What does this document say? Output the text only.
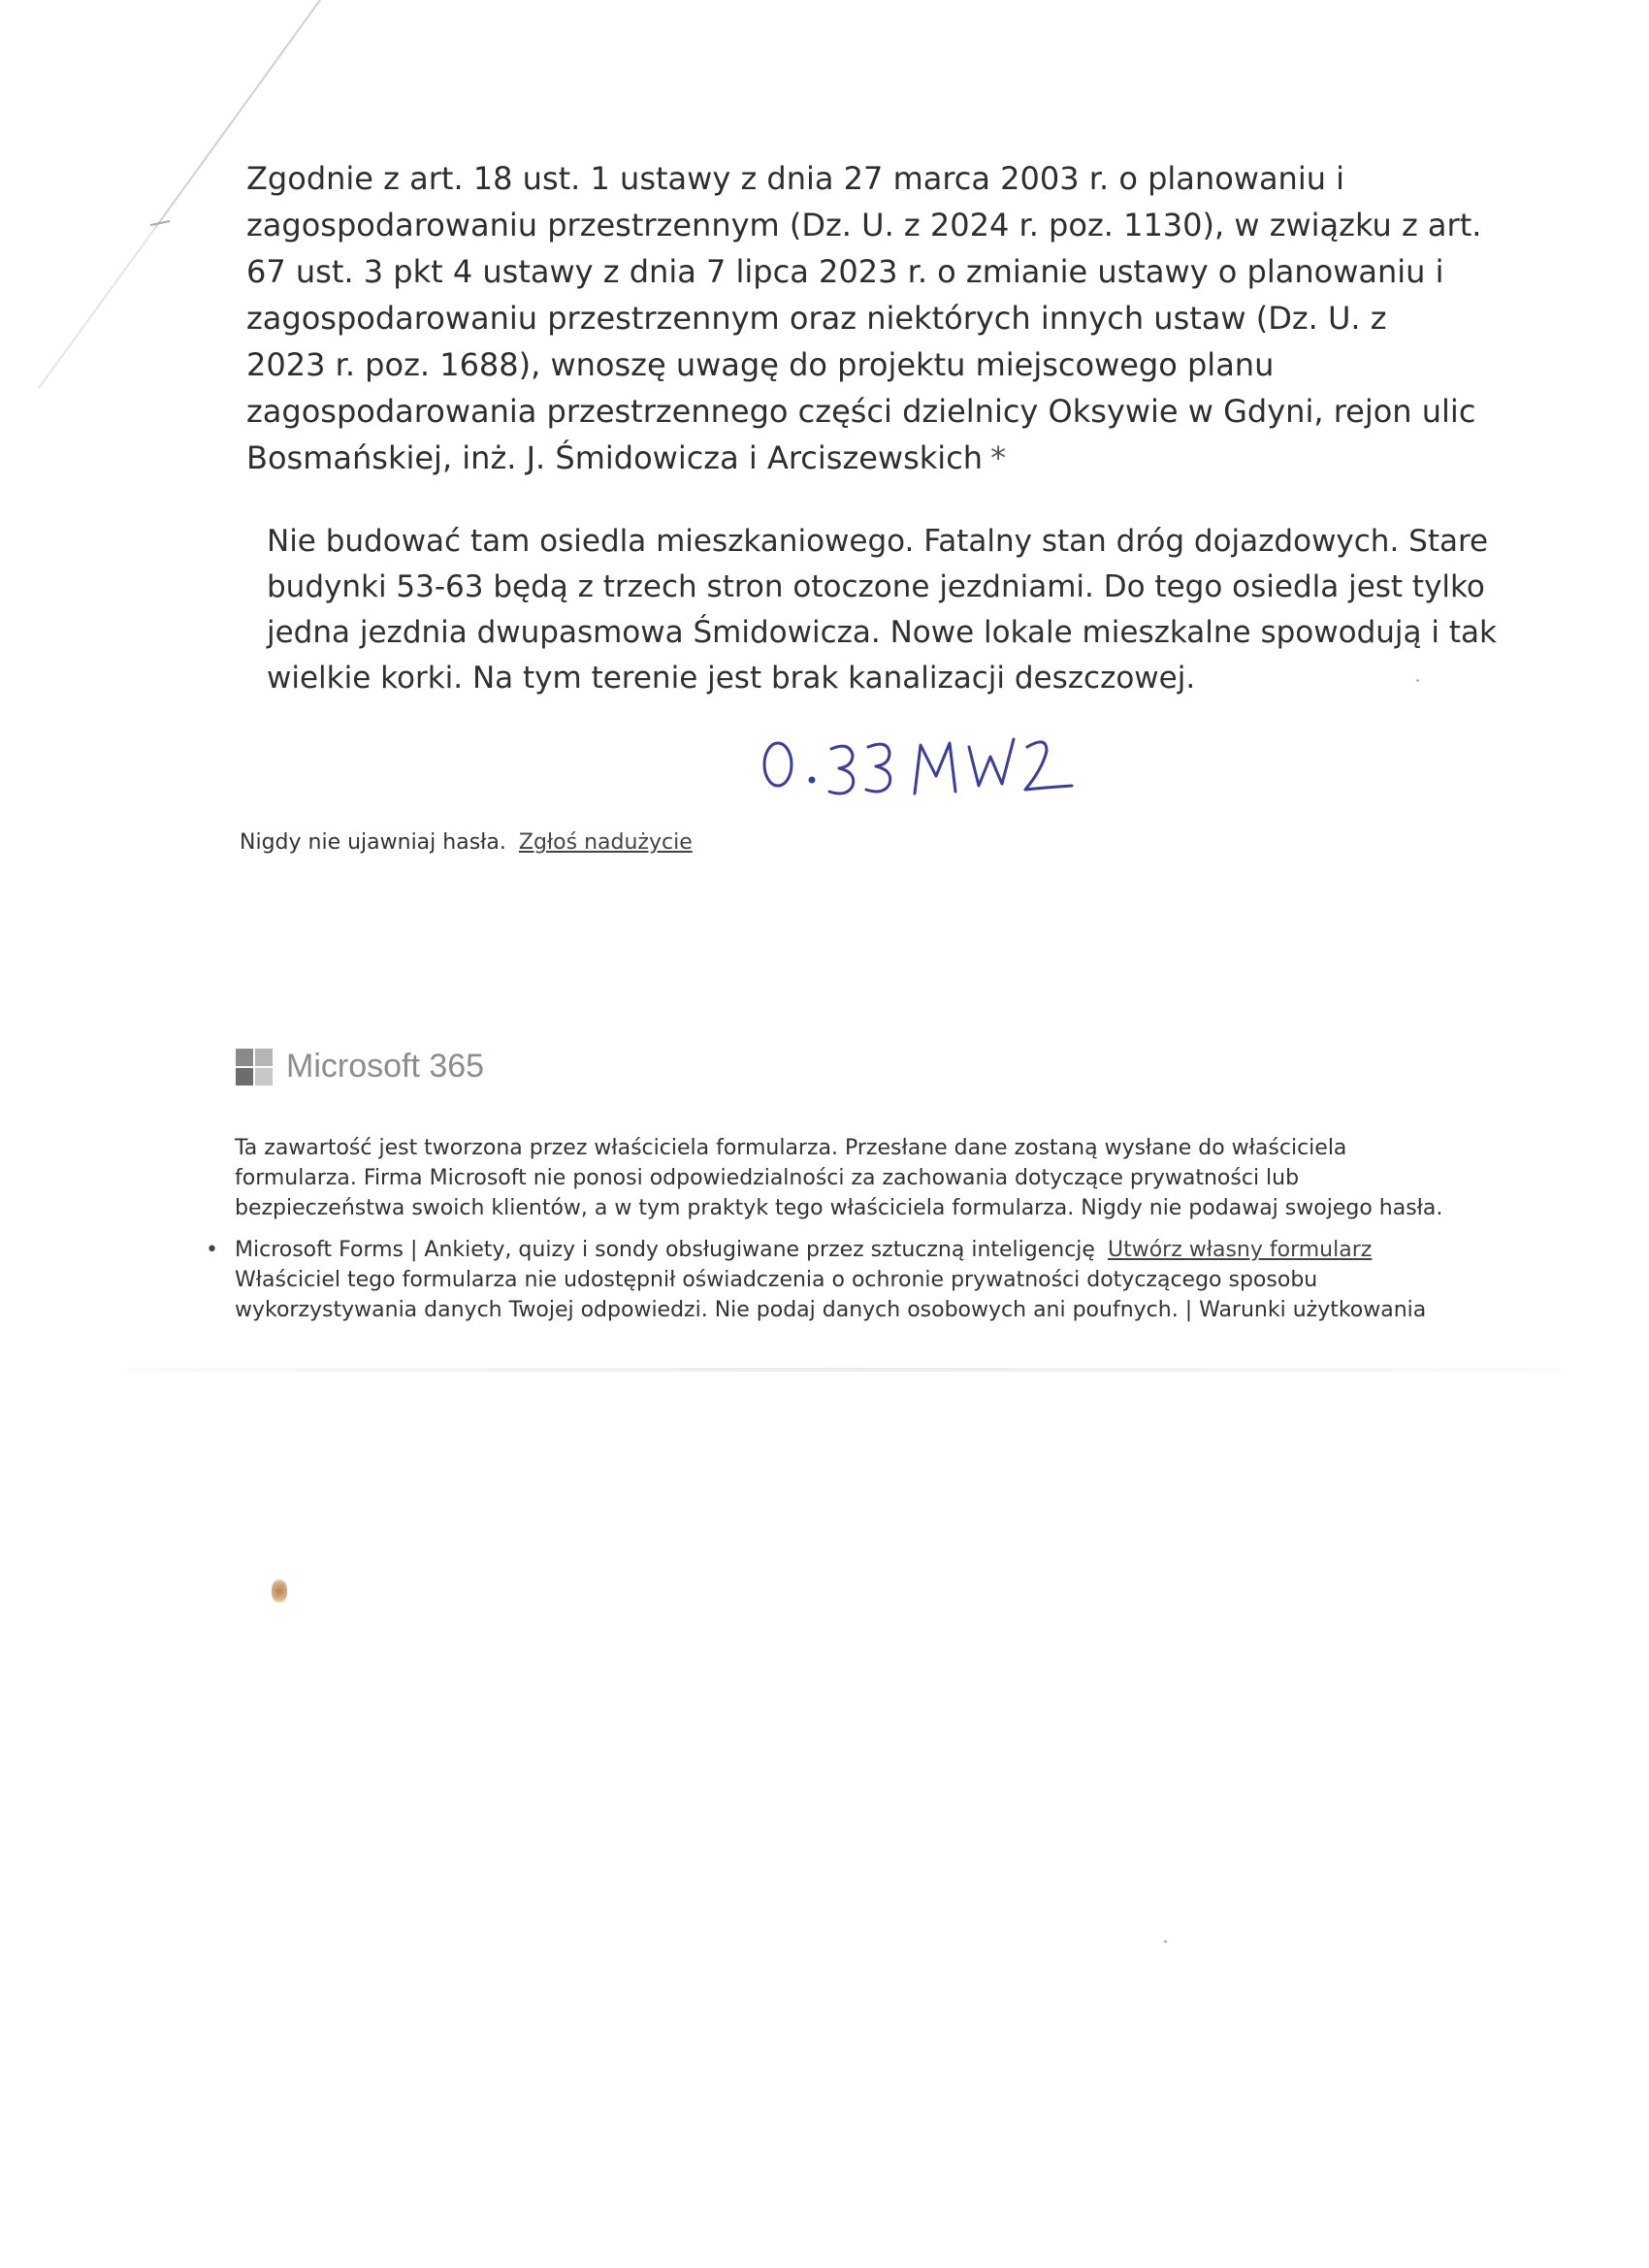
Zgodnie z art. 18 ust. 1 ustawy z dnia 27 marca 2003 r. o planowaniu i

zagospodarowaniu przestrzennym (Dz. U. z 2024 r. poz. 1130), w związku z art.

67 ust. 3 pkt 4 ustawy z dnia 7 lipca 2023 r. o zmianie ustawy o planowaniu i

zagospodarowaniu przestrzennym oraz niektórych innych ustaw (Dz. U. z

2023 r. poz. 1688), wnoszę uwagę do projektu miejscowego planu

zagospodarowania przestrzennego części dzielnicy Oksywie w Gdyni, rejon ulic

Bosmańskiej, inż. J. Śmidowicza i Arciszewskich *

Nie budować tam osiedla mieszkaniowego. Fatalny stan dróg dojazdowych. Stare

budynki 53-63 będą z trzech stron otoczone jezdniami. Do tego osiedla jest tylko

jedna jezdnia dwupasmowa Śmidowicza. Nowe lokale mieszkalne spowodują i tak

wielkie korki. Na tym terenie jest brak kanalizacji deszczowej.

Nigdy nie ujawniaj hasła. Zgłoś nadużycie
Microsoft 365

Ta zawartość jest tworzona przez właściciela formularza. Przesłane dane zostaną wysłane do właściciela

formularza. Firma Microsoft nie ponosi odpowiedzialności za zachowania dotyczące prywatności lub

bezpieczeństwa swoich klientów, a w tym praktyk tego właściciela formularza. Nigdy nie podawaj swojego hasła.

• Microsoft Forms | Ankiety, quizy i sondy obsługiwane przez sztuczną inteligencję Utwórz własny formularz

Właściciel tego formularza nie udostępnił oświadczenia o ochronie prywatności dotyczącego sposobu

wykorzystywania danych Twojej odpowiedzi. Nie podaj danych osobowych ani poufnych. | Warunki użytkowania
